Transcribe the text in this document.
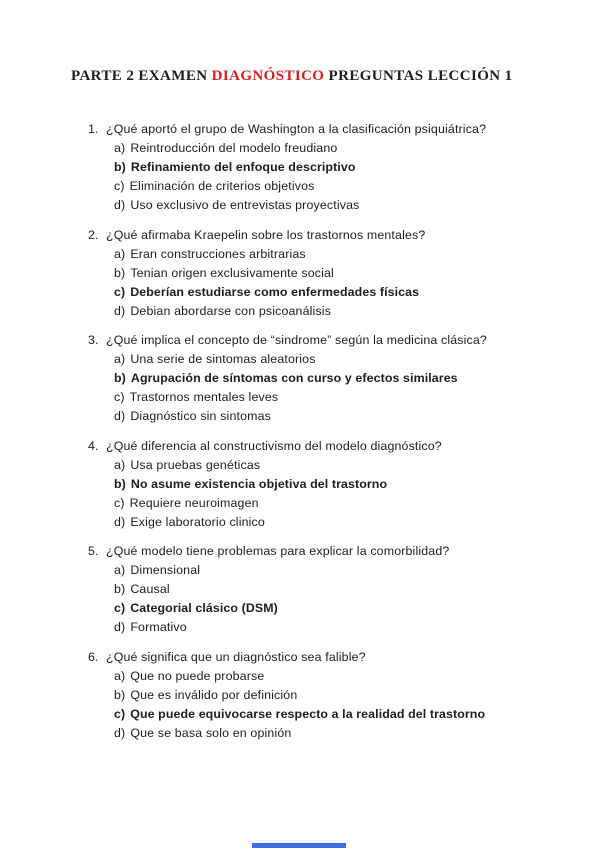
PARTE 2 EXAMEN DIAGNÓSTICO PREGUNTAS LECCIÓN 1
1. ¿Qué aportó el grupo de Washington a la clasificación psiquiátrica?
a) Reintroducción del modelo freudiano
b) Refinamiento del enfoque descriptivo
c) Eliminación de criterios objetivos
d) Uso exclusivo de entrevistas proyectivas
2. ¿Qué afirmaba Kraepelin sobre los trastornos mentales?
a) Eran construcciones arbitrarias
b) Tenian origen exclusivamente social
c) Deberían estudiarse como enfermedades físicas
d) Debian abordarse con psicoanálisis
3. ¿Qué implica el concepto de “sindrome” según la medicina clásica?
a) Una serie de sintomas aleatorios
b) Agrupación de síntomas con curso y efectos similares
c) Trastornos mentales leves
d) Diagnóstico sin sintomas
4. ¿Qué diferencia al constructivismo del modelo diagnóstico?
a) Usa pruebas genéticas
b) No asume existencia objetiva del trastorno
c) Requiere neuroimagen
d) Exige laboratorio clinico
5. ¿Qué modelo tiene problemas para explicar la comorbilidad?
a) Dimensional
b) Causal
c) Categorial clásico (DSM)
d) Formativo
6. ¿Qué significa que un diagnóstico sea falible?
a) Que no puede probarse
b) Que es inválido por definición
c) Que puede equivocarse respecto a la realidad del trastorno
d) Que se basa solo en opinión
